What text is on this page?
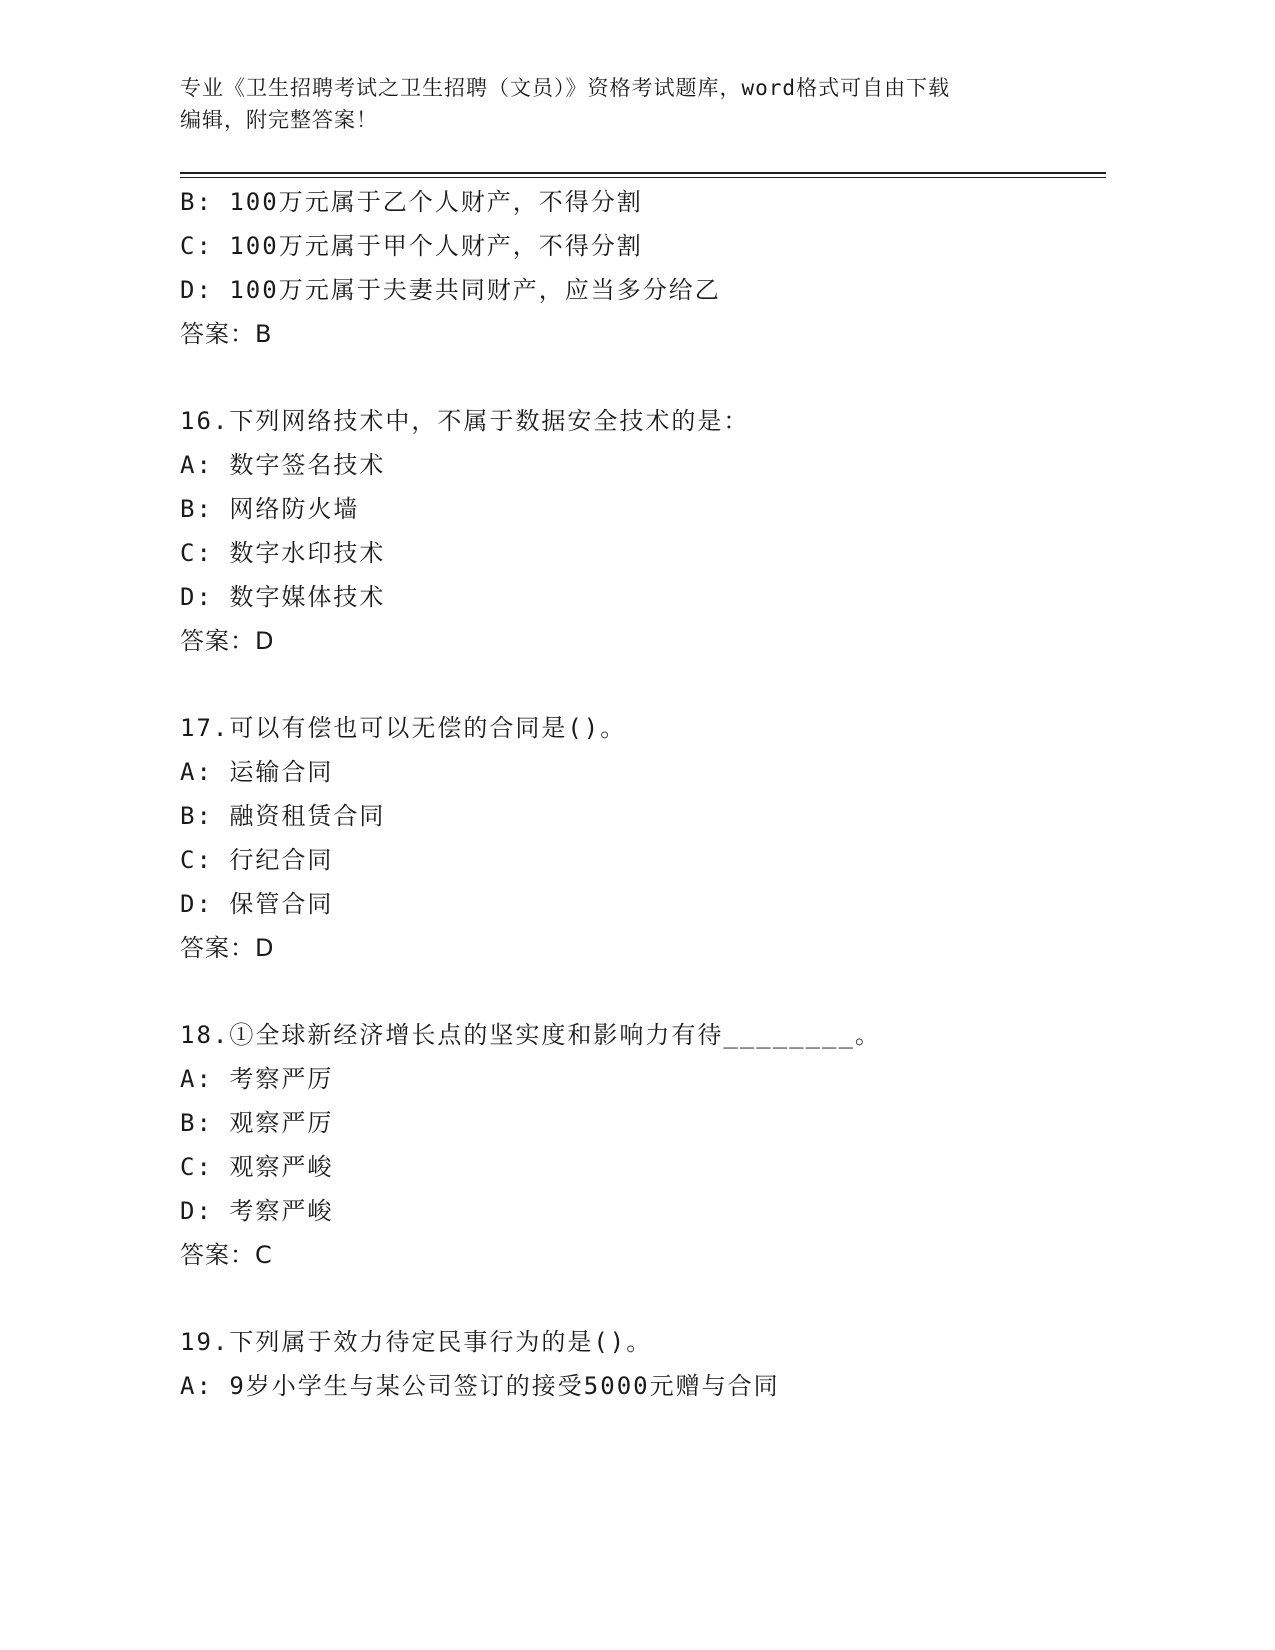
专业《卫生招聘考试之卫生招聘（文员）》资格考试题库，word格式可自由下载
编辑，附完整答案！
B: 100万元属于乙个人财产，不得分割
C: 100万元属于甲个人财产，不得分割
D: 100万元属于夫妻共同财产，应当多分给乙
答案：B
16.下列网络技术中，不属于数据安全技术的是：
A: 数字签名技术
B: 网络防火墙
C: 数字水印技术
D: 数字媒体技术
答案：D
17.可以有偿也可以无偿的合同是()。
A: 运输合同
B: 融资租赁合同
C: 行纪合同
D: 保管合同
答案：D
18.①全球新经济增长点的坚实度和影响力有待________。
A: 考察严厉
B: 观察严厉
C: 观察严峻
D: 考察严峻
答案：C
19.下列属于效力待定民事行为的是()。
A: 9岁小学生与某公司签订的接受5000元赠与合同
